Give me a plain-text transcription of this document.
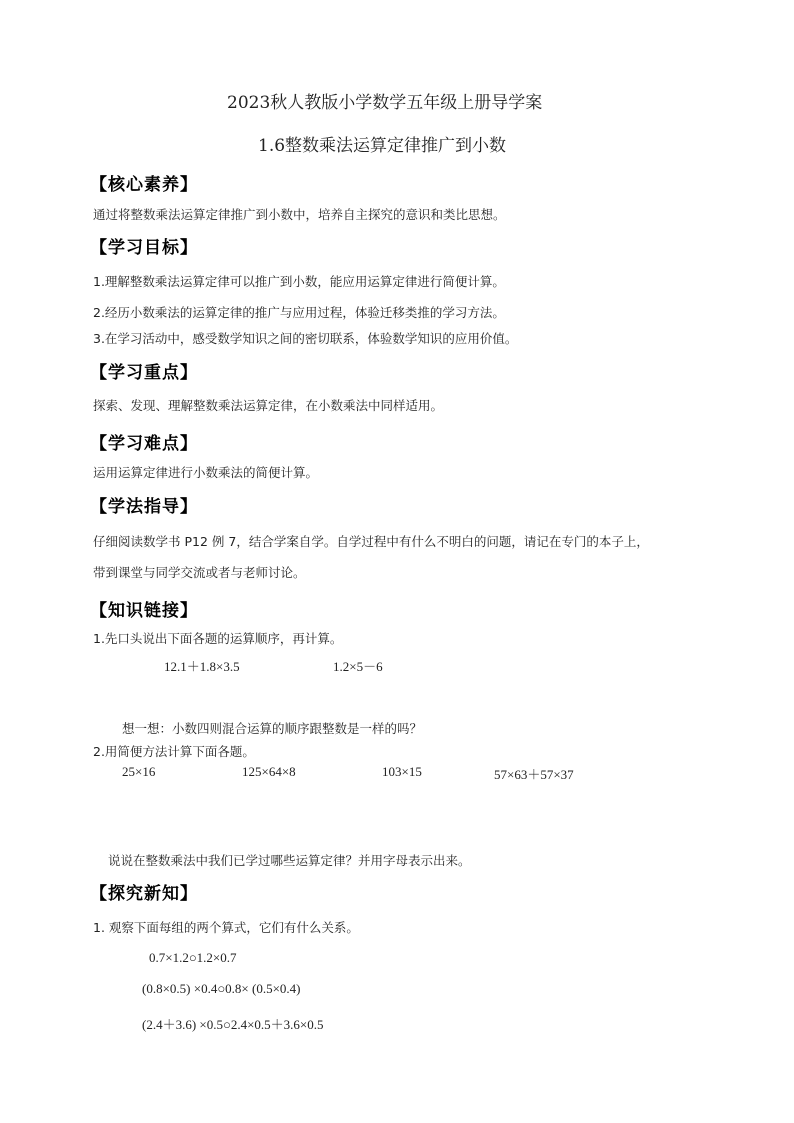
2023秋人教版小学数学五年级上册导学案
1.6整数乘法运算定律推广到小数
【核心素养】
通过将整数乘法运算定律推广到小数中，培养自主探究的意识和类比思想。
【学习目标】
1.理解整数乘法运算定律可以推广到小数，能应用运算定律进行简便计算。
2.经历小数乘法的运算定律的推广与应用过程，体验迁移类推的学习方法。
3.在学习活动中，感受数学知识之间的密切联系，体验数学知识的应用价值。
【学习重点】
探索、发现、理解整数乘法运算定律，在小数乘法中同样适用。
【学习难点】
运用运算定律进行小数乘法的简便计算。
【学法指导】
仔细阅读数学书 P12 例 7，结合学案自学。自学过程中有什么不明白的问题，请记在专门的本子上，
带到课堂与同学交流或者与老师讨论。
【知识链接】
1.先口头说出下面各题的运算顺序，再计算。
12.1＋1.8×3.5	1.2×5－6
想一想：小数四则混合运算的顺序跟整数是一样的吗？
2.用简便方法计算下面各题。
25×16	125×64×8	103×15	57×63＋57×37
说说在整数乘法中我们已学过哪些运算定律？并用字母表示出来。
【探究新知】
1. 观察下面每组的两个算式，它们有什么关系。
0.7×1.2○1.2×0.7
(0.8×0.5) ×0.4○0.8× (0.5×0.4)
(2.4＋3.6) ×0.5○2.4×0.5＋3.6×0.5
